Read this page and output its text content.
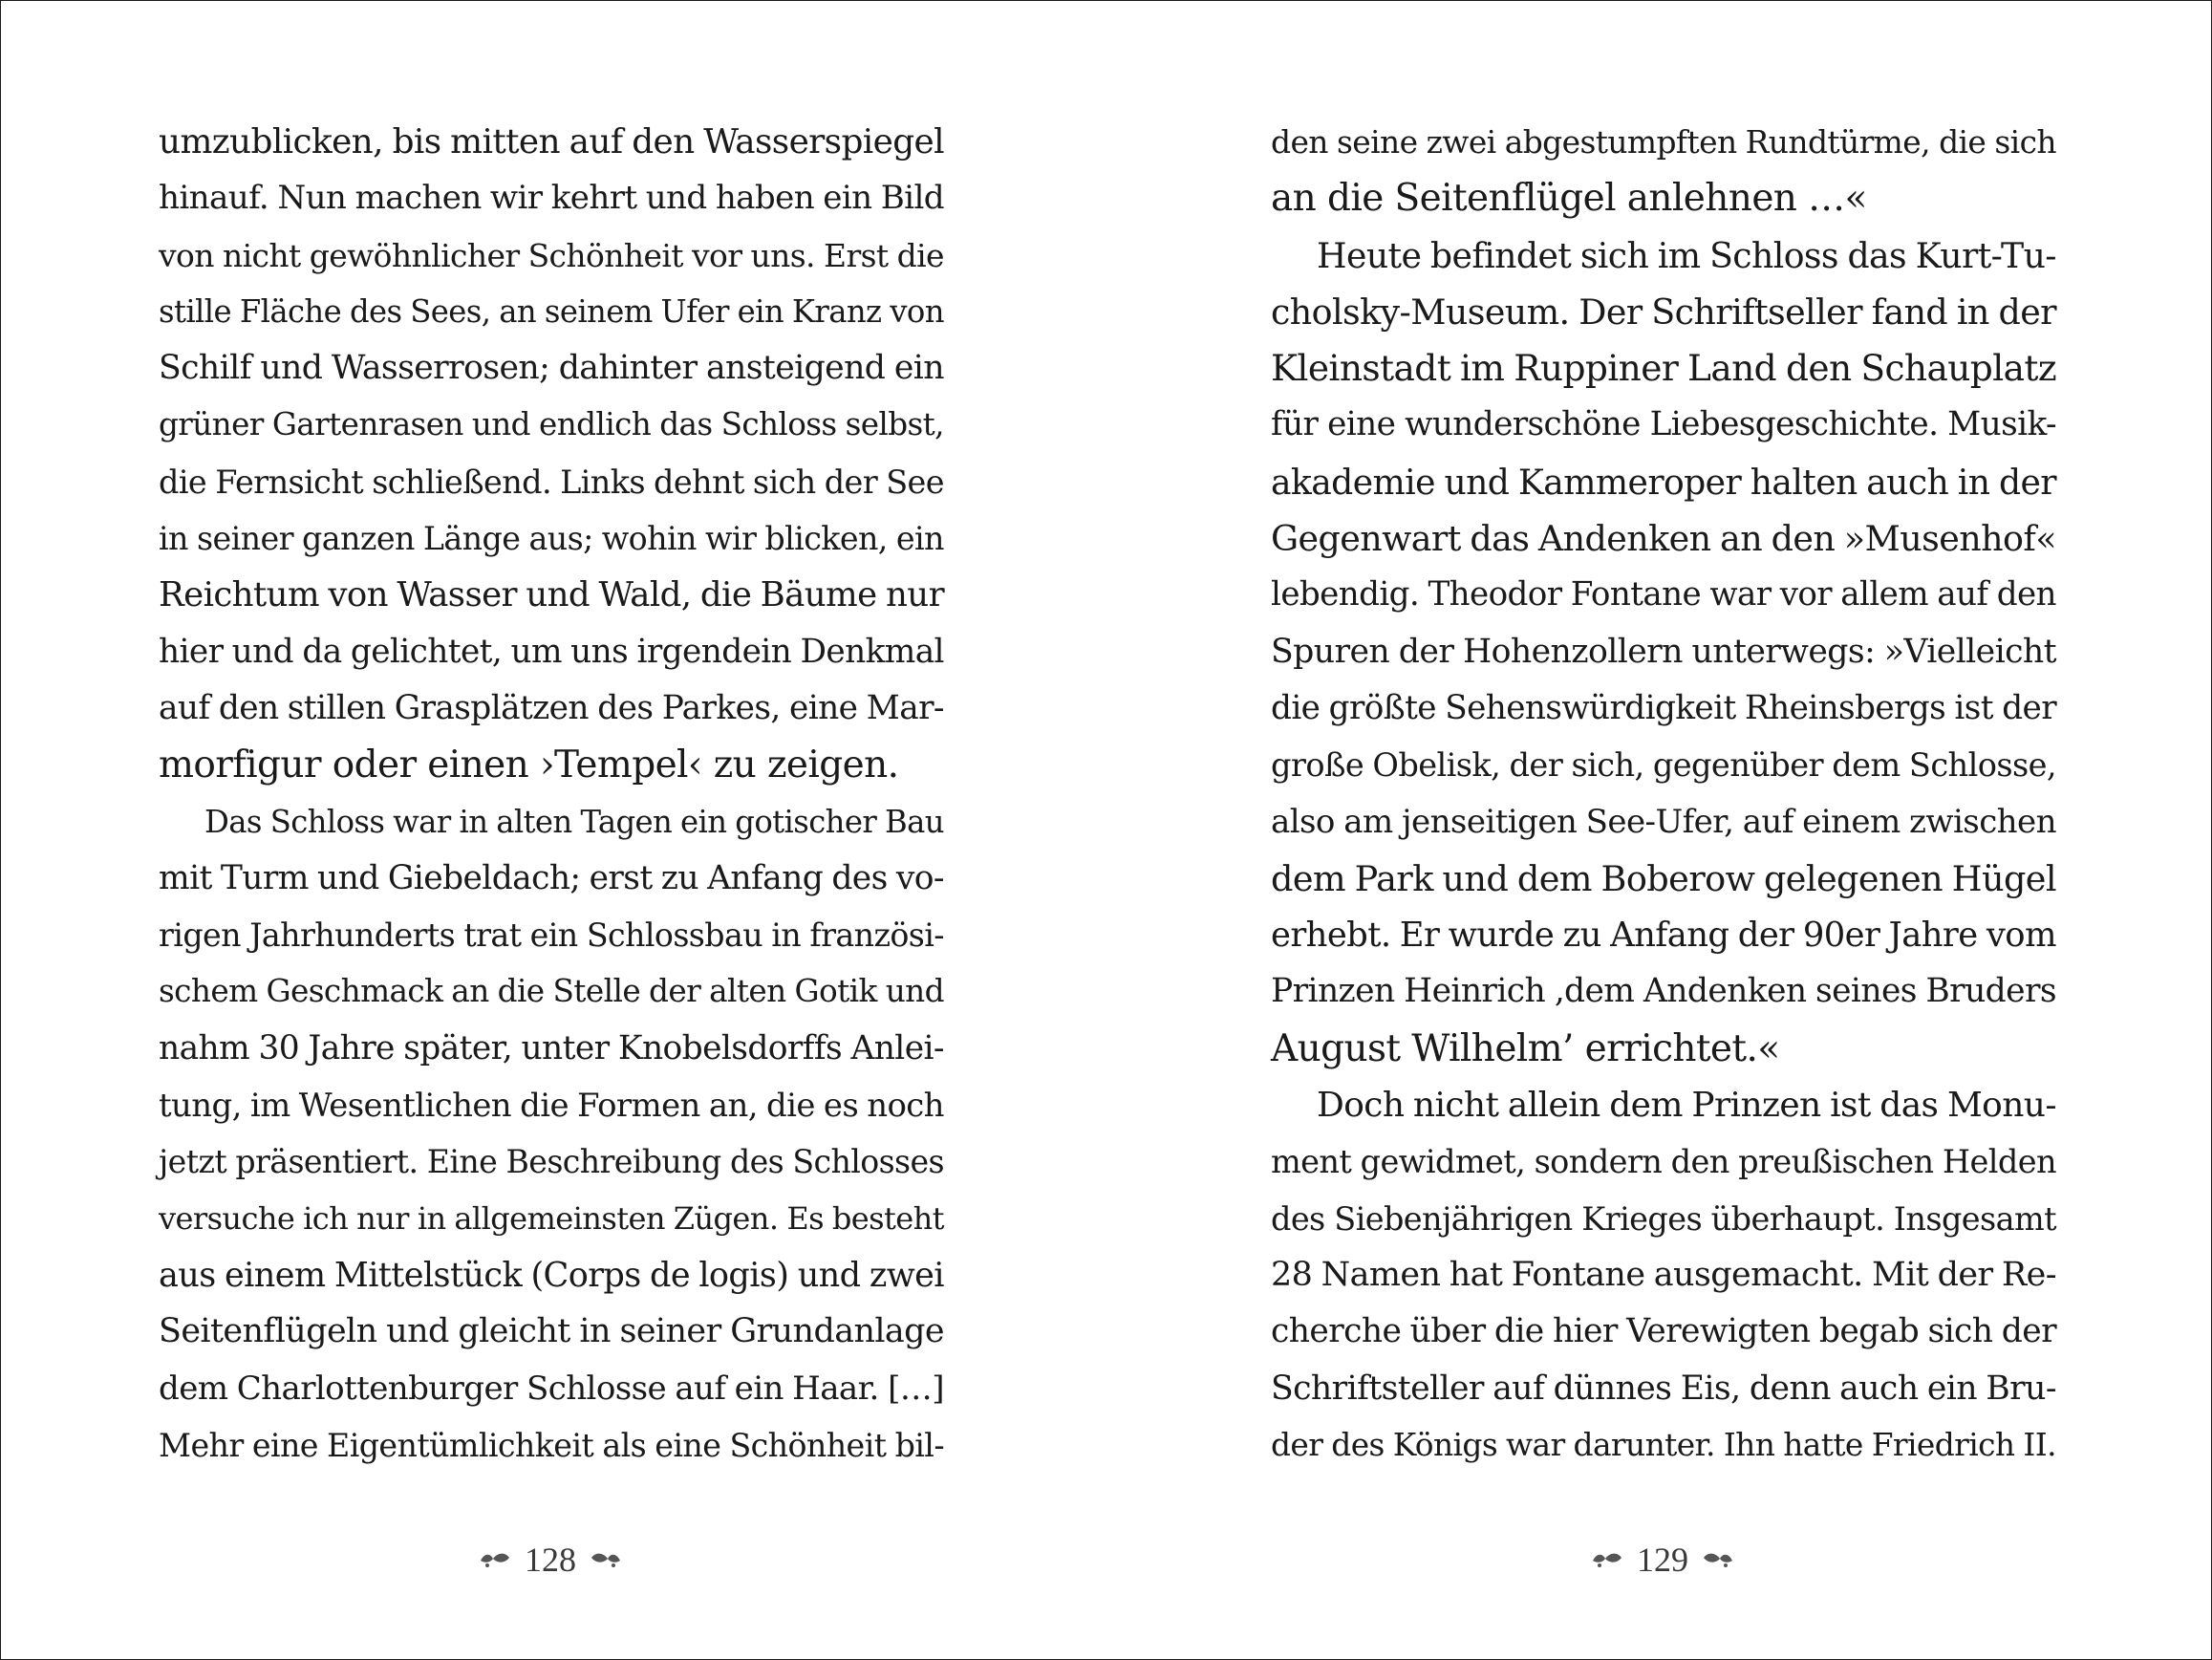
umzublicken, bis mitten auf den Wasserspiegel
hinauf. Nun machen wir kehrt und haben ein Bild
von nicht gewöhnlicher Schönheit vor uns. Erst die
stille Fläche des Sees, an seinem Ufer ein Kranz von
Schilf und Wasserrosen; dahinter ansteigend ein
grüner Gartenrasen und endlich das Schloss selbst,
die Fernsicht schließend. Links dehnt sich der See
in seiner ganzen Länge aus; wohin wir blicken, ein
Reichtum von Wasser und Wald, die Bäume nur
hier und da gelichtet, um uns irgendein Denkmal
auf den stillen Grasplätzen des Parkes, eine Mar-
morfigur oder einen ›Tempel‹ zu zeigen.
Das Schloss war in alten Tagen ein gotischer Bau
mit Turm und Giebeldach; erst zu Anfang des vo-
rigen Jahrhunderts trat ein Schlossbau in französi-
schem Geschmack an die Stelle der alten Gotik und
nahm 30 Jahre später, unter Knobelsdorffs Anlei-
tung, im Wesentlichen die Formen an, die es noch
jetzt präsentiert. Eine Beschreibung des Schlosses
versuche ich nur in allgemeinsten Zügen. Es besteht
aus einem Mittelstück (Corps de logis) und zwei
Seitenflügeln und gleicht in seiner Grundanlage
dem Charlottenburger Schlosse auf ein Haar. […]
Mehr eine Eigentümlichkeit als eine Schönheit bil-
den seine zwei abgestumpften Rundtürme, die sich
an die Seitenflügel anlehnen …«
Heute befindet sich im Schloss das Kurt-Tu-
cholsky-Museum. Der Schriftseller fand in der
Kleinstadt im Ruppiner Land den Schauplatz
für eine wunderschöne Liebesgeschichte. Musik-
akademie und Kammeroper halten auch in der
Gegenwart das Andenken an den »Musenhof«
lebendig. Theodor Fontane war vor allem auf den
Spuren der Hohenzollern unterwegs: »Vielleicht
die größte Sehenswürdigkeit Rheinsbergs ist der
große Obelisk, der sich, gegenüber dem Schlosse,
also am jenseitigen See-Ufer, auf einem zwischen
dem Park und dem Boberow gelegenen Hügel
erhebt. Er wurde zu Anfang der 90er Jahre vom
Prinzen Heinrich ‚dem Andenken seines Bruders
August Wilhelm’ errichtet.«
Doch nicht allein dem Prinzen ist das Monu-
ment gewidmet, sondern den preußischen Helden
des Siebenjährigen Krieges überhaupt. Insgesamt
28 Namen hat Fontane ausgemacht. Mit der Re-
cherche über die hier Verewigten begab sich der
Schriftsteller auf dünnes Eis, denn auch ein Bru-
der des Königs war darunter. Ihn hatte Friedrich II.
128	129
